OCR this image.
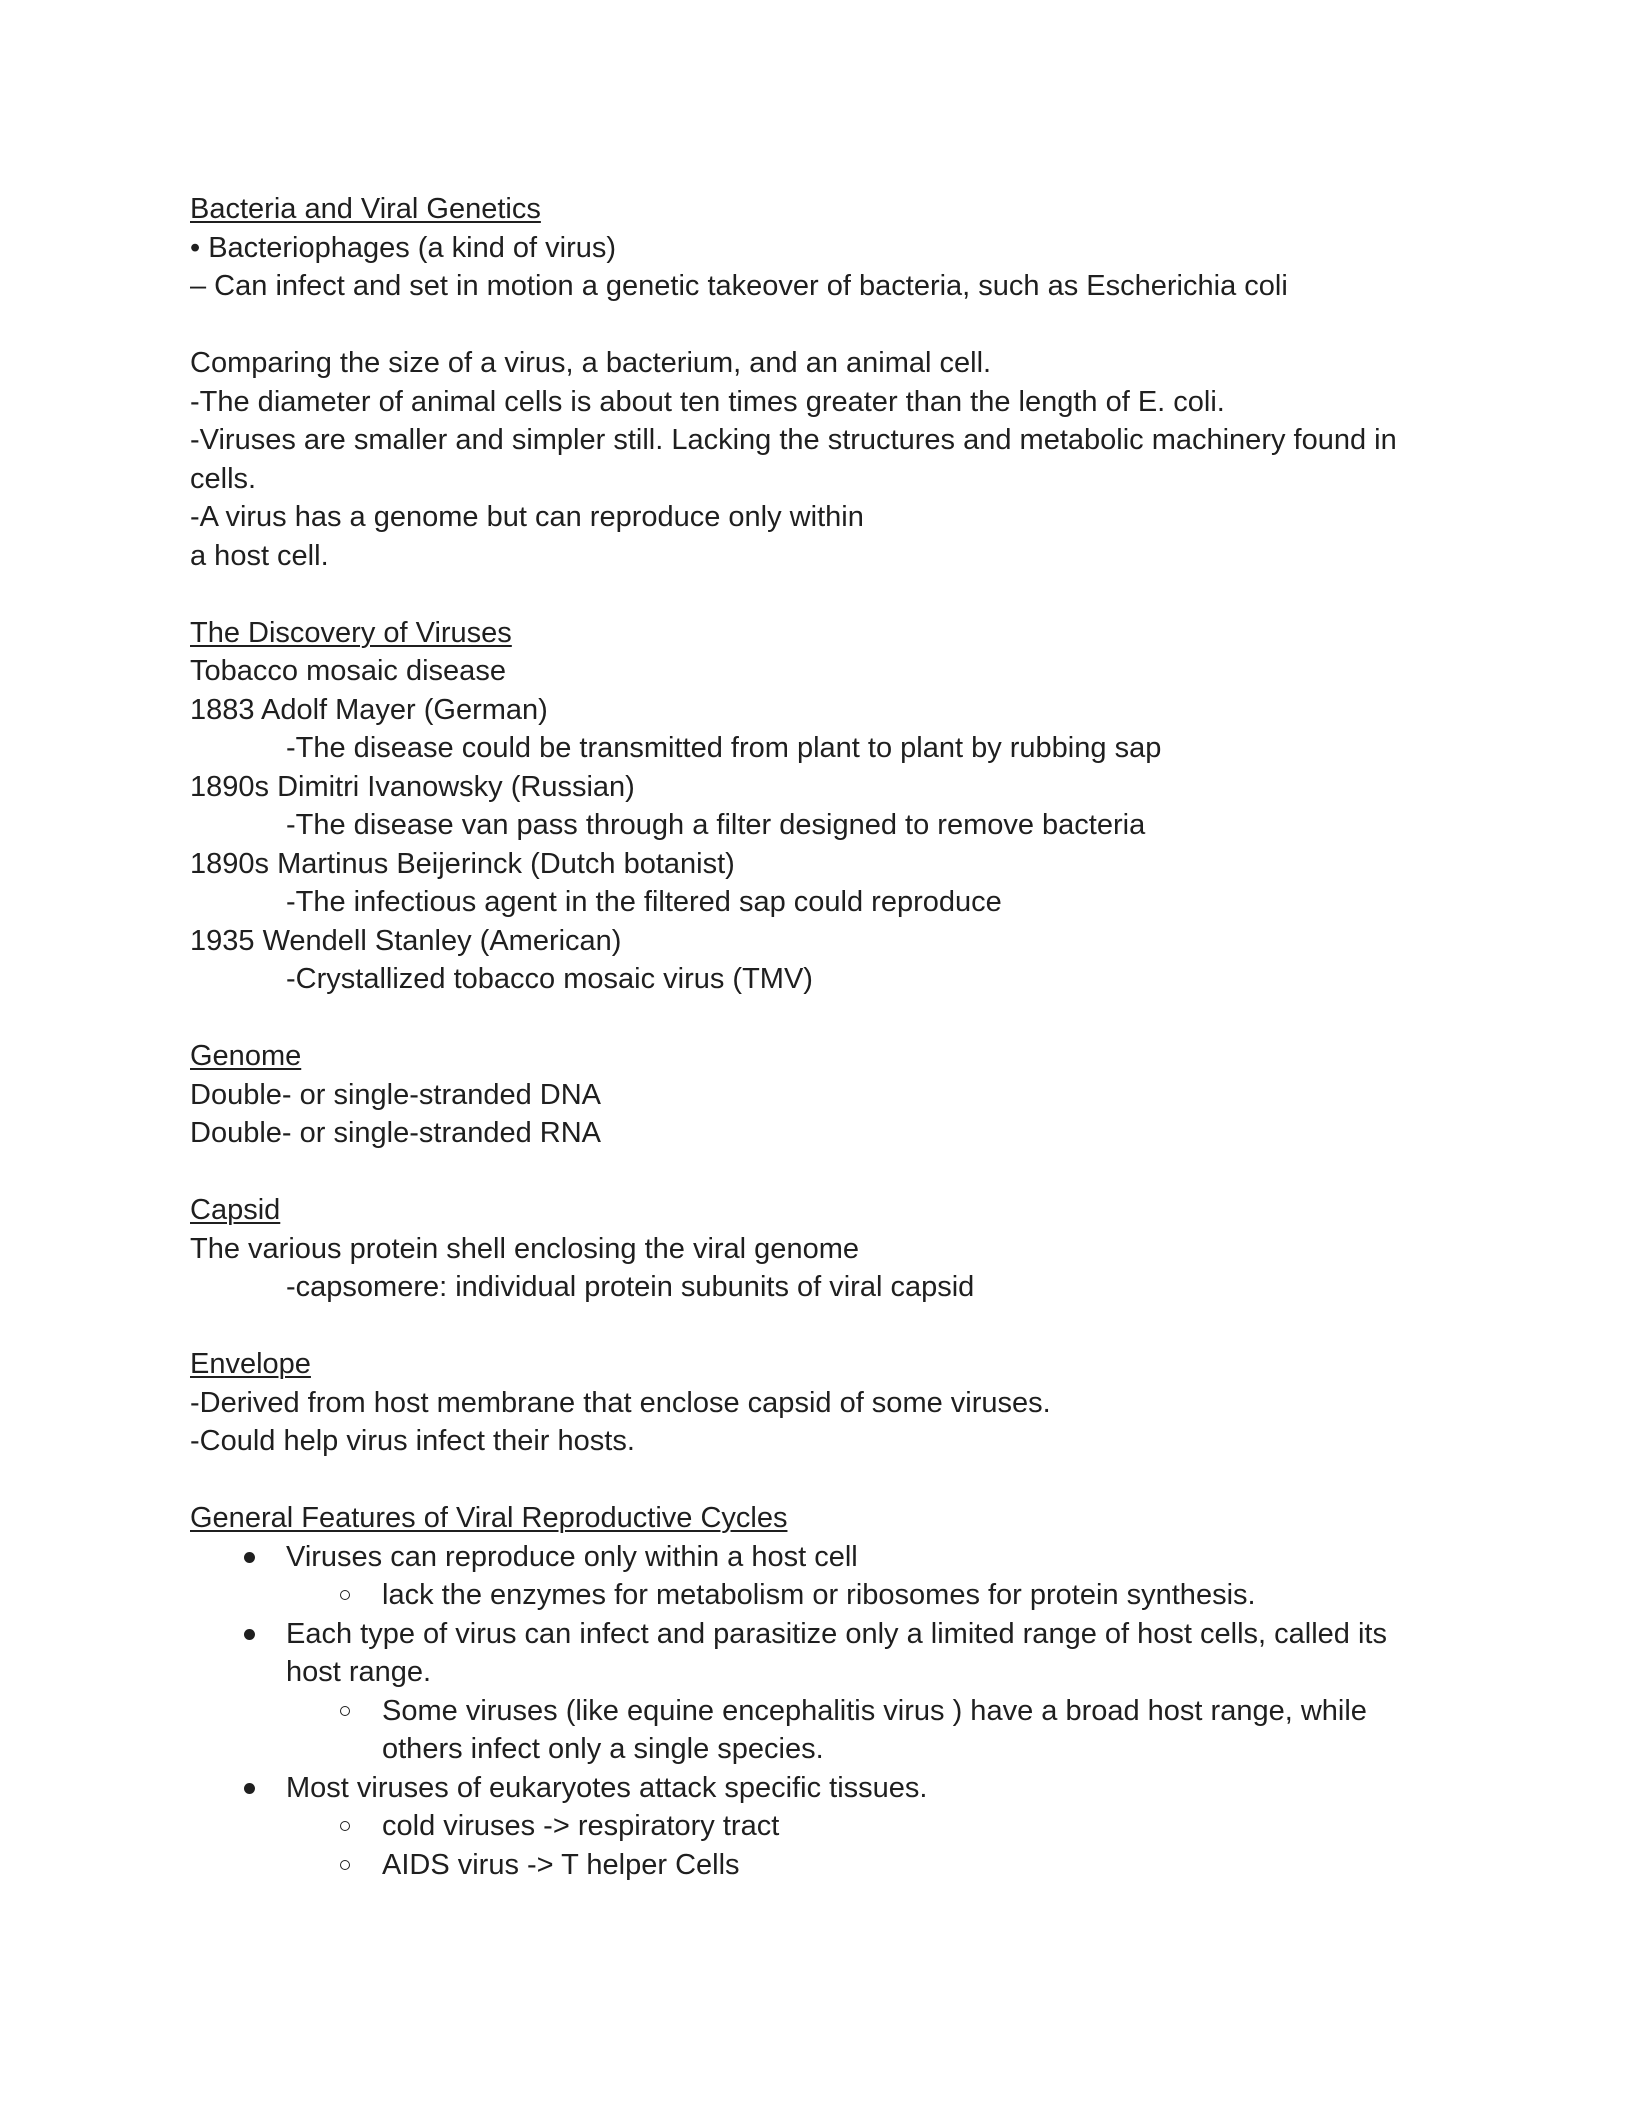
Bacteria and Viral Genetics

• Bacteriophages (a kind of virus)

– Can infect and set in motion a genetic takeover of bacteria, such as Escherichia coli

Comparing the size of a virus, a bacterium, and an animal cell.

-The diameter of animal cells is about ten times greater than the length of E. coli.

-Viruses are smaller and simpler still. Lacking the structures and metabolic machinery found in

cells.

-A virus has a genome but can reproduce only within

a host cell.

The Discovery of Viruses

Tobacco mosaic disease

1883 Adolf Mayer (German)

-The disease could be transmitted from plant to plant by rubbing sap

1890s Dimitri Ivanowsky (Russian)

-The disease van pass through a filter designed to remove bacteria

1890s Martinus Beijerinck (Dutch botanist)

-The infectious agent in the filtered sap could reproduce

1935 Wendell Stanley (American)

-Crystallized tobacco mosaic virus (TMV)

Genome

Double- or single-stranded DNA

Double- or single-stranded RNA

Capsid

The various protein shell enclosing the viral genome

-capsomere: individual protein subunits of viral capsid

Envelope

-Derived from host membrane that enclose capsid of some viruses.

-Could help virus infect their hosts.

General Features of Viral Reproductive Cycles

Viruses can reproduce only within a host cell
lack the enzymes for metabolism or ribosomes for protein synthesis.
Each type of virus can infect and parasitize only a limited range of host cells, called its host range.
Some viruses (like equine encephalitis virus ) have a broad host range, while others infect only a single species.
Most viruses of eukaryotes attack specific tissues.
cold viruses -> respiratory tract
AIDS virus -> T helper Cells
